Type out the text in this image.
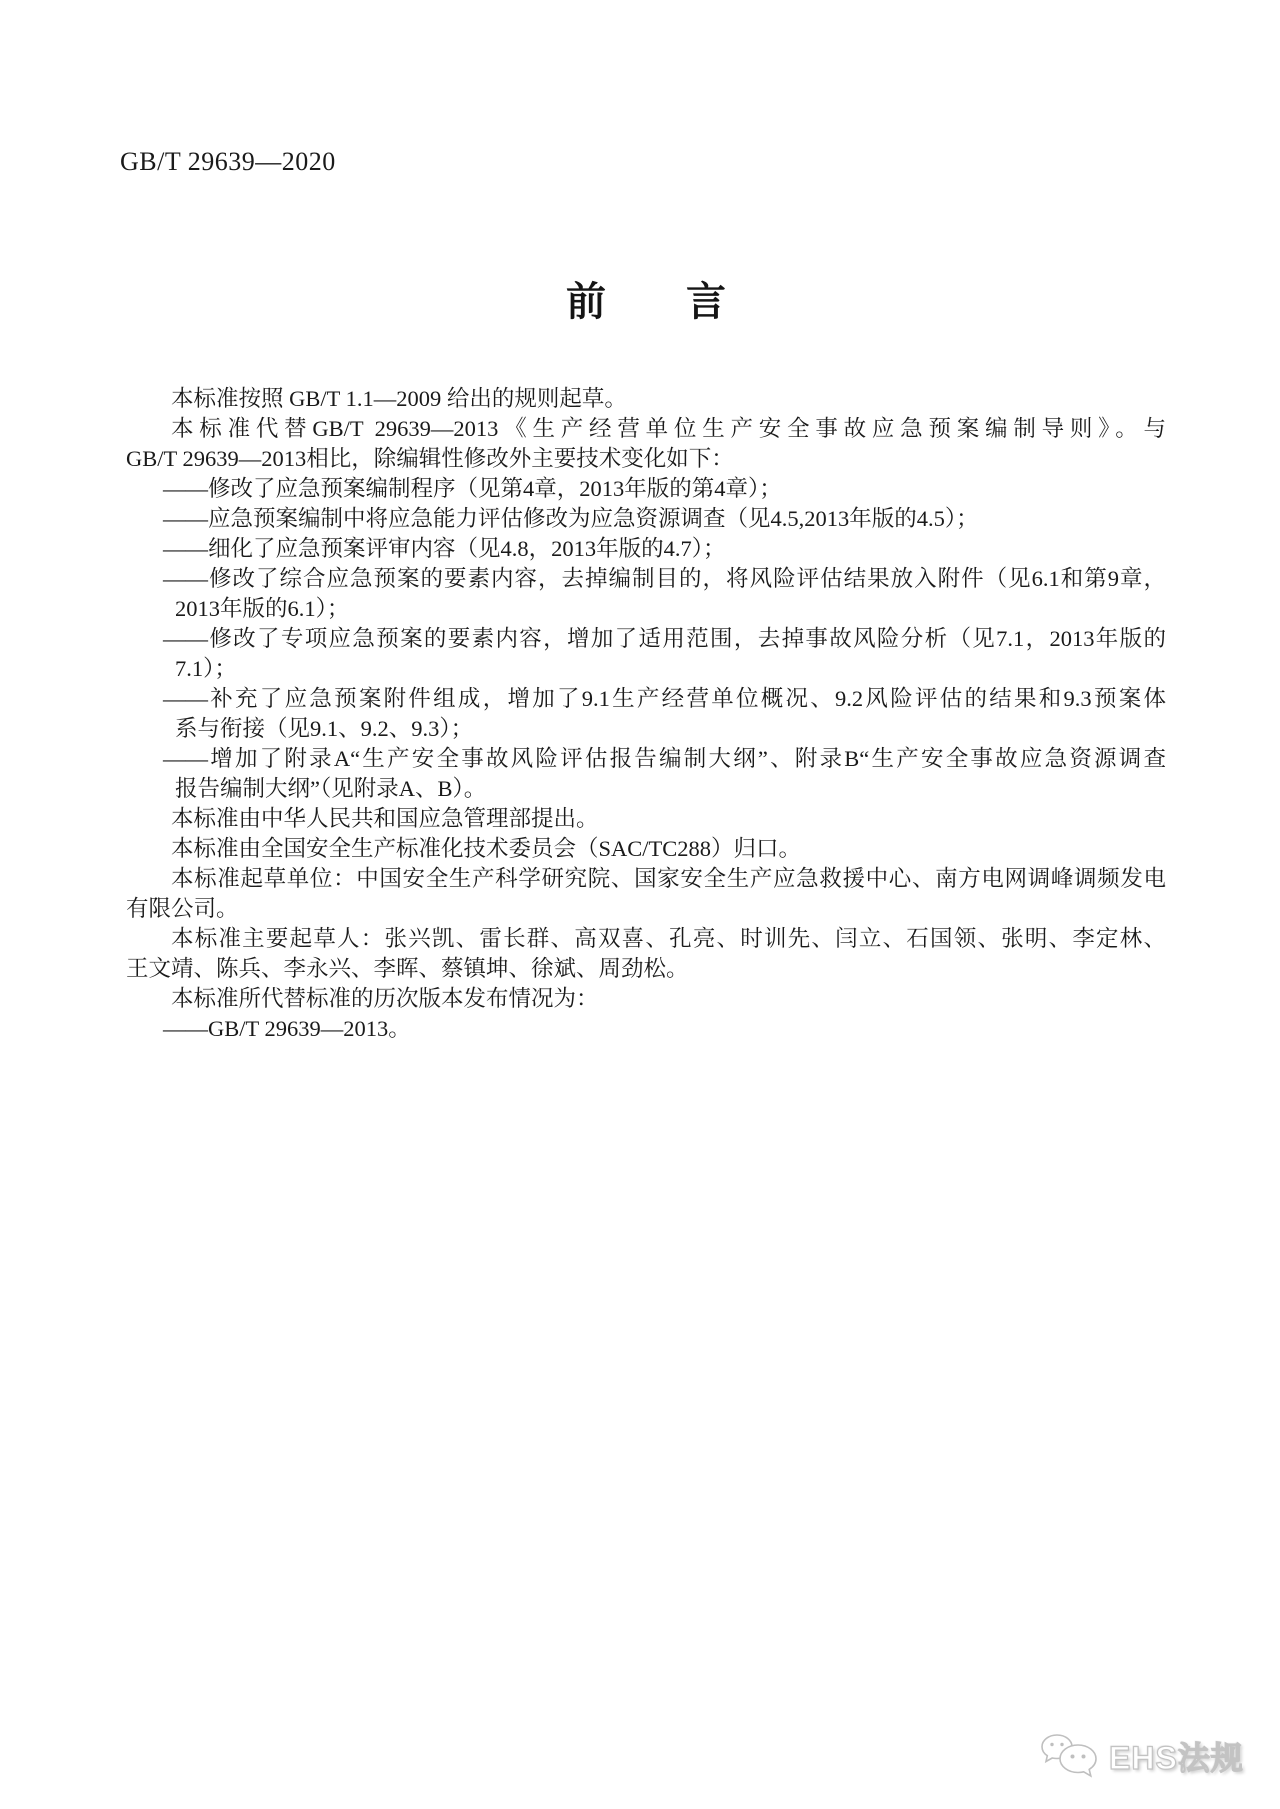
GB/T 29639—2020
前　　言
本标准按照 GB/T 1.1—2009 给出的规则起草。
本标准代替GB/T 29639—2013《生产经营单位生产安全事故应急预案编制导则》。与
GB/T 29639—2013相比，除编辑性修改外主要技术变化如下：
——修改了应急预案编制程序（见第4章，2013年版的第4章）；
——应急预案编制中将应急能力评估修改为应急资源调查（见4.5,2013年版的4.5）；
——细化了应急预案评审内容（见4.8，2013年版的4.7）；
——修改了综合应急预案的要素内容，去掉编制目的，将风险评估结果放入附件（见6.1和第9章，
2013年版的6.1）；
——修改了专项应急预案的要素内容，增加了适用范围，去掉事故风险分析（见7.1，2013年版的
7.1）；
——补充了应急预案附件组成，增加了9.1生产经营单位概况、9.2风险评估的结果和9.3预案体
系与衔接（见9.1、9.2、9.3）；
——增加了附录A“生产安全事故风险评估报告编制大纲”、附录B“生产安全事故应急资源调查
报告编制大纲”（见附录A、B）。
本标准由中华人民共和国应急管理部提出。
本标准由全国安全生产标准化技术委员会（SAC/TC288）归口。
本标准起草单位：中国安全生产科学研究院、国家安全生产应急救援中心、南方电网调峰调频发电
有限公司。
本标准主要起草人：张兴凯、雷长群、高双喜、孔亮、时训先、闫立、石国领、张明、李定林、
王文靖、陈兵、李永兴、李晖、蔡镇坤、徐斌、周劲松。
本标准所代替标准的历次版本发布情况为：
——GB/T 29639—2013。
EHS法规
